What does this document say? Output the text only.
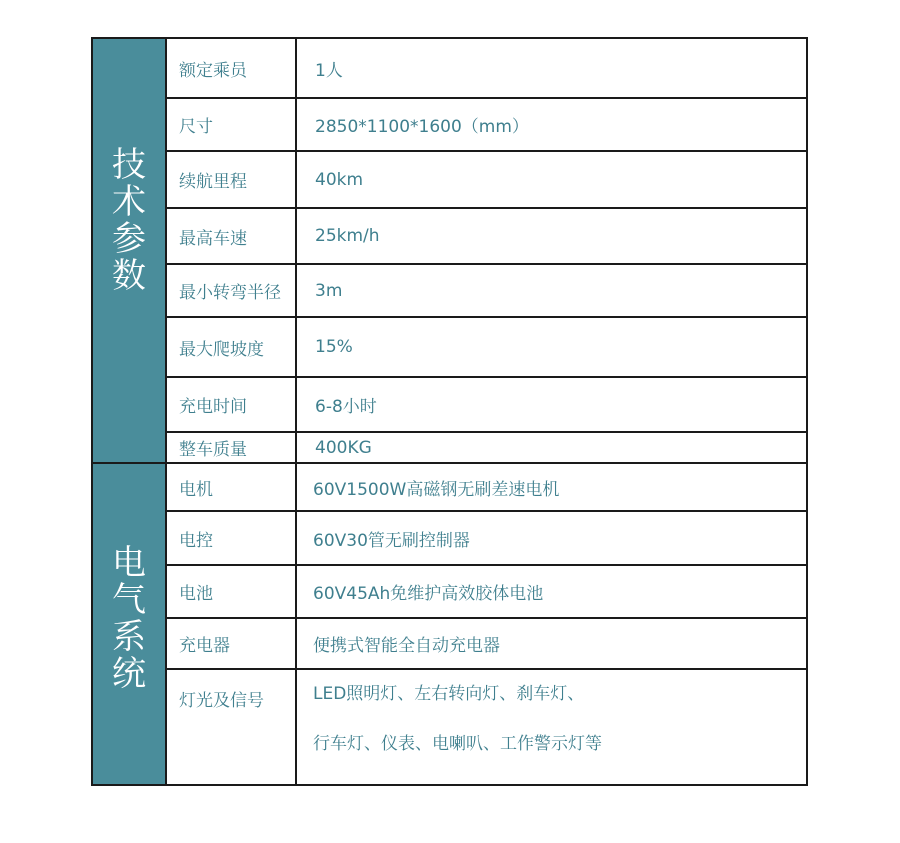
技术参数
额定乘员	1人
尺寸	2850*1100*1600（mm）
续航里程	40km
最高车速	25km/h
最小转弯半径	3m
最大爬坡度	15%
充电时间	6-8小时
整车质量	400KG
电气系统
电机	60V1500W高磁钢无刷差速电机
电控	60V30管无刷控制器
电池	60V45Ah免维护高效胶体电池
充电器	便携式智能全自动充电器
灯光及信号	LED照明灯、左右转向灯、刹车灯、
行车灯、仪表、电喇叭、工作警示灯等
